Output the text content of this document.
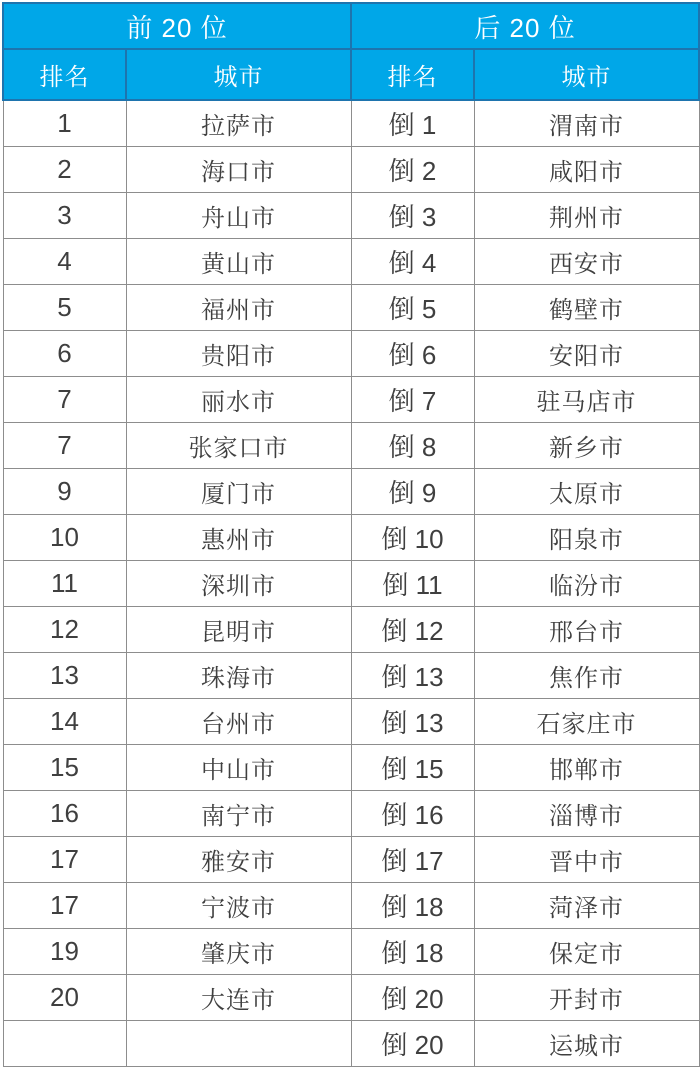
前 20 位		后 20 位	
排名	城市	排名	城市
1	拉萨市	倒 1	渭南市
2	海口市	倒 2	咸阳市
3	舟山市	倒 3	荆州市
4	黄山市	倒 4	西安市
5	福州市	倒 5	鹤壁市
6	贵阳市	倒 6	安阳市
7	丽水市	倒 7	驻马店市
7	张家口市	倒 8	新乡市
9	厦门市	倒 9	太原市
10	惠州市	倒 10	阳泉市
11	深圳市	倒 11	临汾市
12	昆明市	倒 12	邢台市
13	珠海市	倒 13	焦作市
14	台州市	倒 13	石家庄市
15	中山市	倒 15	邯郸市
16	南宁市	倒 16	淄博市
17	雅安市	倒 17	晋中市
17	宁波市	倒 18	菏泽市
19	肇庆市	倒 18	保定市
20	大连市	倒 20	开封市
		倒 20	运城市
